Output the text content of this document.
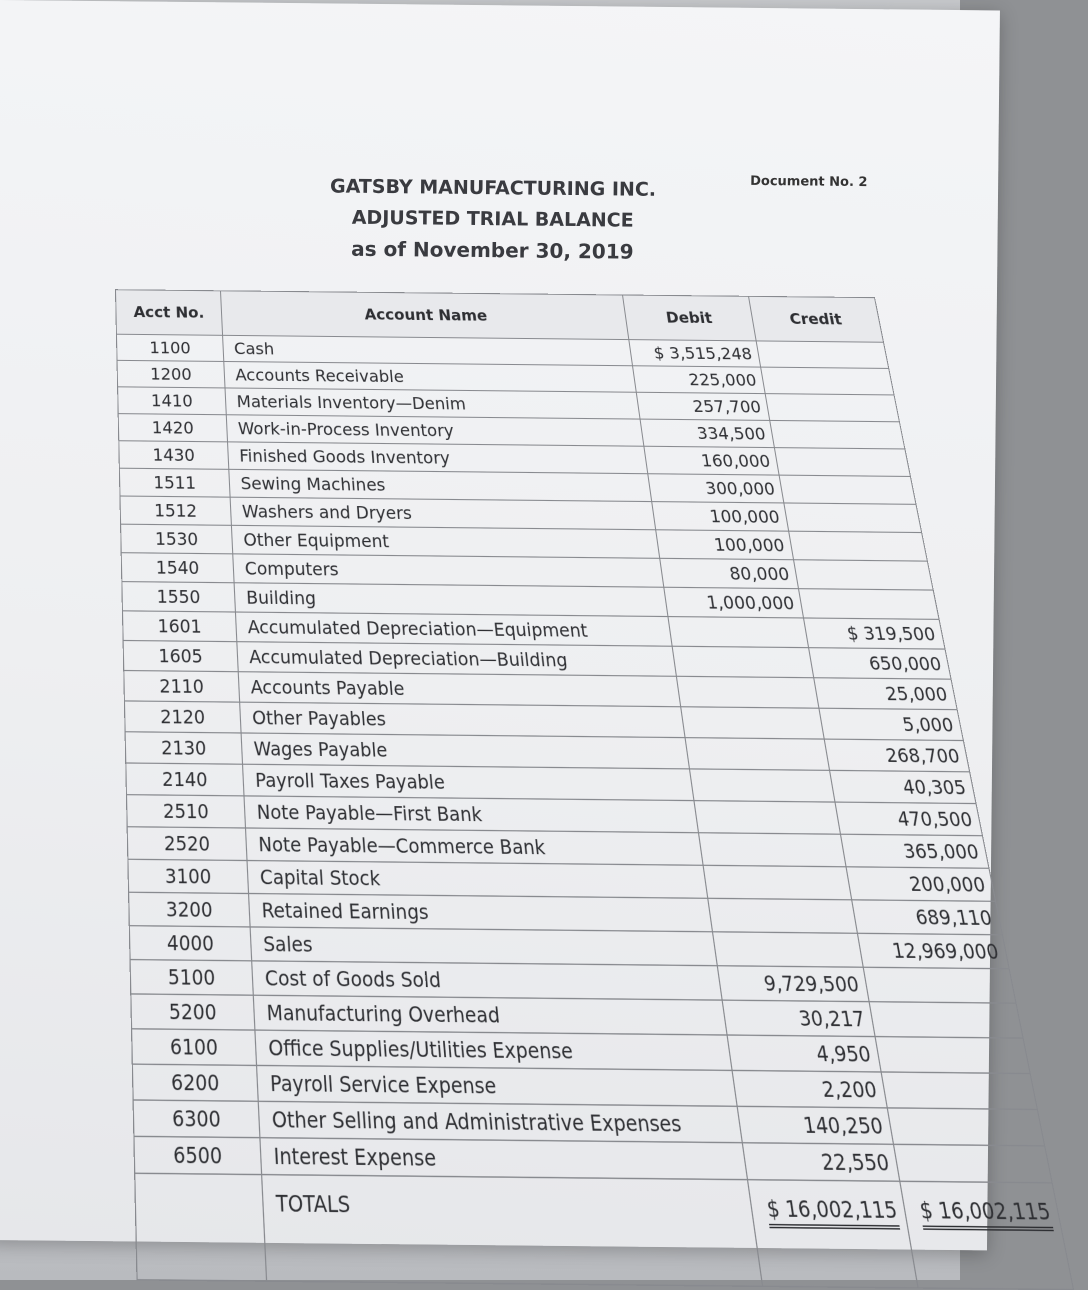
Document No. 2
GATSBY MANUFACTURING INC.
ADJUSTED TRIAL BALANCE
as of November 30, 2019
Acct No.	Account Name	Debit	Credit
1100	Cash	$ 3,515,248	
1200	Accounts Receivable	225,000	
1410	Materials Inventory—Denim	257,700	
1420	Work-in-Process Inventory	334,500	
1430	Finished Goods Inventory	160,000	
1511	Sewing Machines	300,000	
1512	Washers and Dryers	100,000	
1530	Other Equipment	100,000	
1540	Computers	80,000	
1550	Building	1,000,000	
1601	Accumulated Depreciation—Equipment		$ 319,500
1605	Accumulated Depreciation—Building		650,000
2110	Accounts Payable		25,000
2120	Other Payables		5,000
2130	Wages Payable		268,700
2140	Payroll Taxes Payable		40,305
2510	Note Payable—First Bank		470,500
2520	Note Payable—Commerce Bank		365,000
3100	Capital Stock		200,000
3200	Retained Earnings		689,110
4000	Sales		12,969,000
5100	Cost of Goods Sold	9,729,500	
5200	Manufacturing Overhead	30,217	
6100	Office Supplies/Utilities Expense	4,950	
6200	Payroll Service Expense	2,200	
6300	Other Selling and Administrative Expenses	140,250	
6500	Interest Expense	22,550	
	TOTALS	$ 16,002,115	$ 16,002,115
